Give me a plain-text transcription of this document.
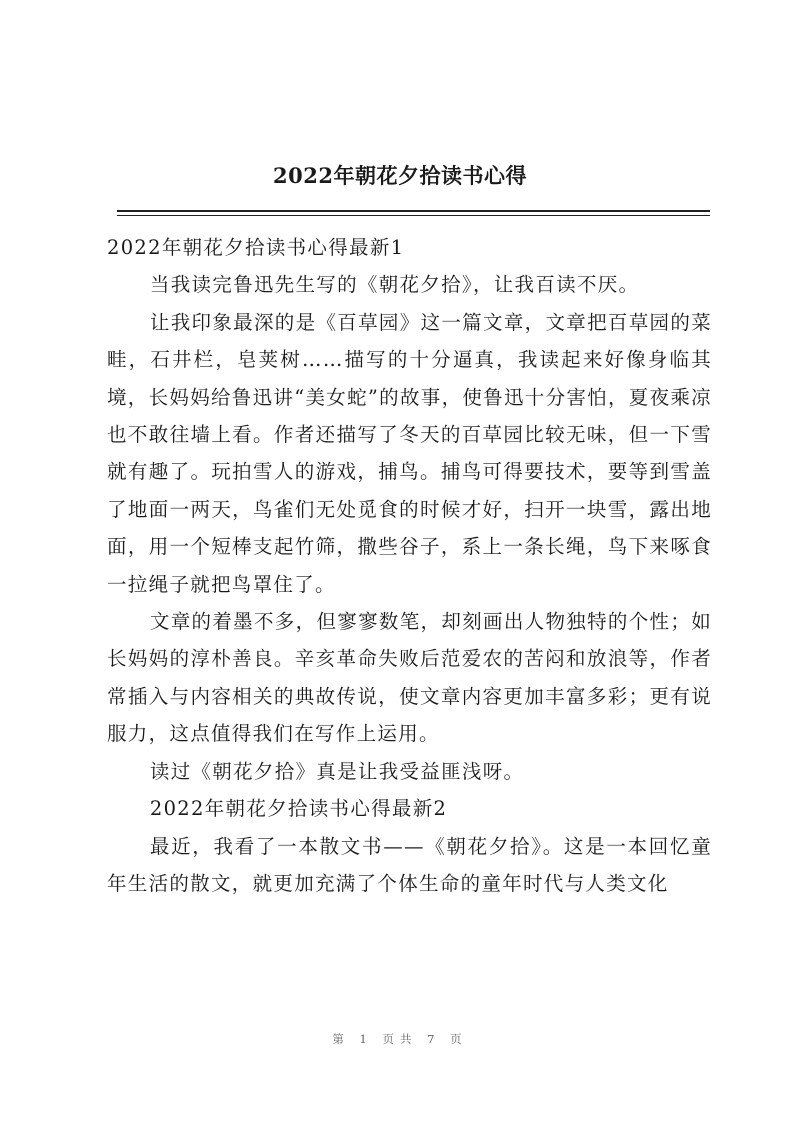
2022年朝花夕拾读书心得

2022年朝花夕拾读书心得最新1

当我读完鲁迅先生写的《朝花夕拾》，让我百读不厌。

让我印象最深的是《百草园》这一篇文章，文章把百草园的菜畦，石井栏，皂荚树……描写的十分逼真，我读起来好像身临其境，长妈妈给鲁迅讲“美女蛇”的故事，使鲁迅十分害怕，夏夜乘凉也不敢往墙上看。作者还描写了冬天的百草园比较无味，但一下雪就有趣了。玩拍雪人的游戏，捕鸟。捕鸟可得要技术，要等到雪盖了地面一两天，鸟雀们无处觅食的时候才好，扫开一块雪，露出地面，用一个短棒支起竹筛，撒些谷子，系上一条长绳，鸟下来啄食一拉绳子就把鸟罩住了。

文章的着墨不多，但寥寥数笔，却刻画出人物独特的个性；如长妈妈的淳朴善良。辛亥革命失败后范爱农的苦闷和放浪等，作者常插入与内容相关的典故传说，使文章内容更加丰富多彩；更有说服力，这点值得我们在写作上运用。

读过《朝花夕拾》真是让我受益匪浅呀。

2022年朝花夕拾读书心得最新2

最近，我看了一本散文书——《朝花夕拾》。这是一本回忆童年生活的散文，就更加充满了个体生命的童年时代与人类文化

第 1 页共 7 页
